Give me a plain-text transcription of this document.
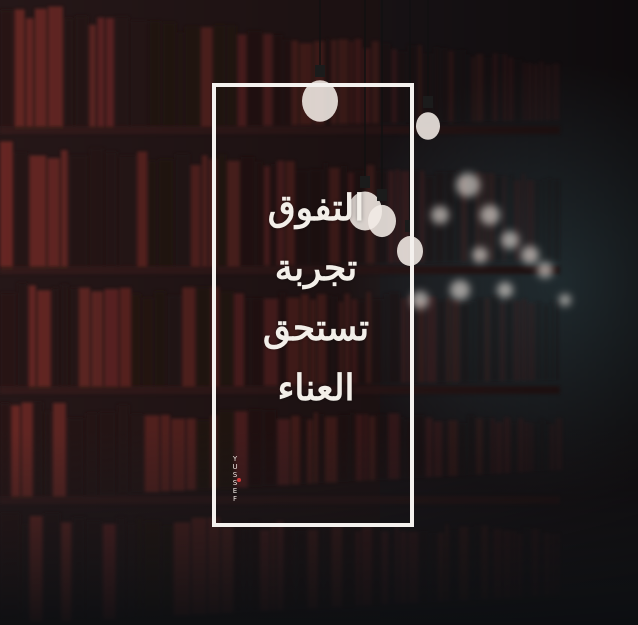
التفوق
تجربة
تستحق
العناء
Y
U
S
S
E
F
